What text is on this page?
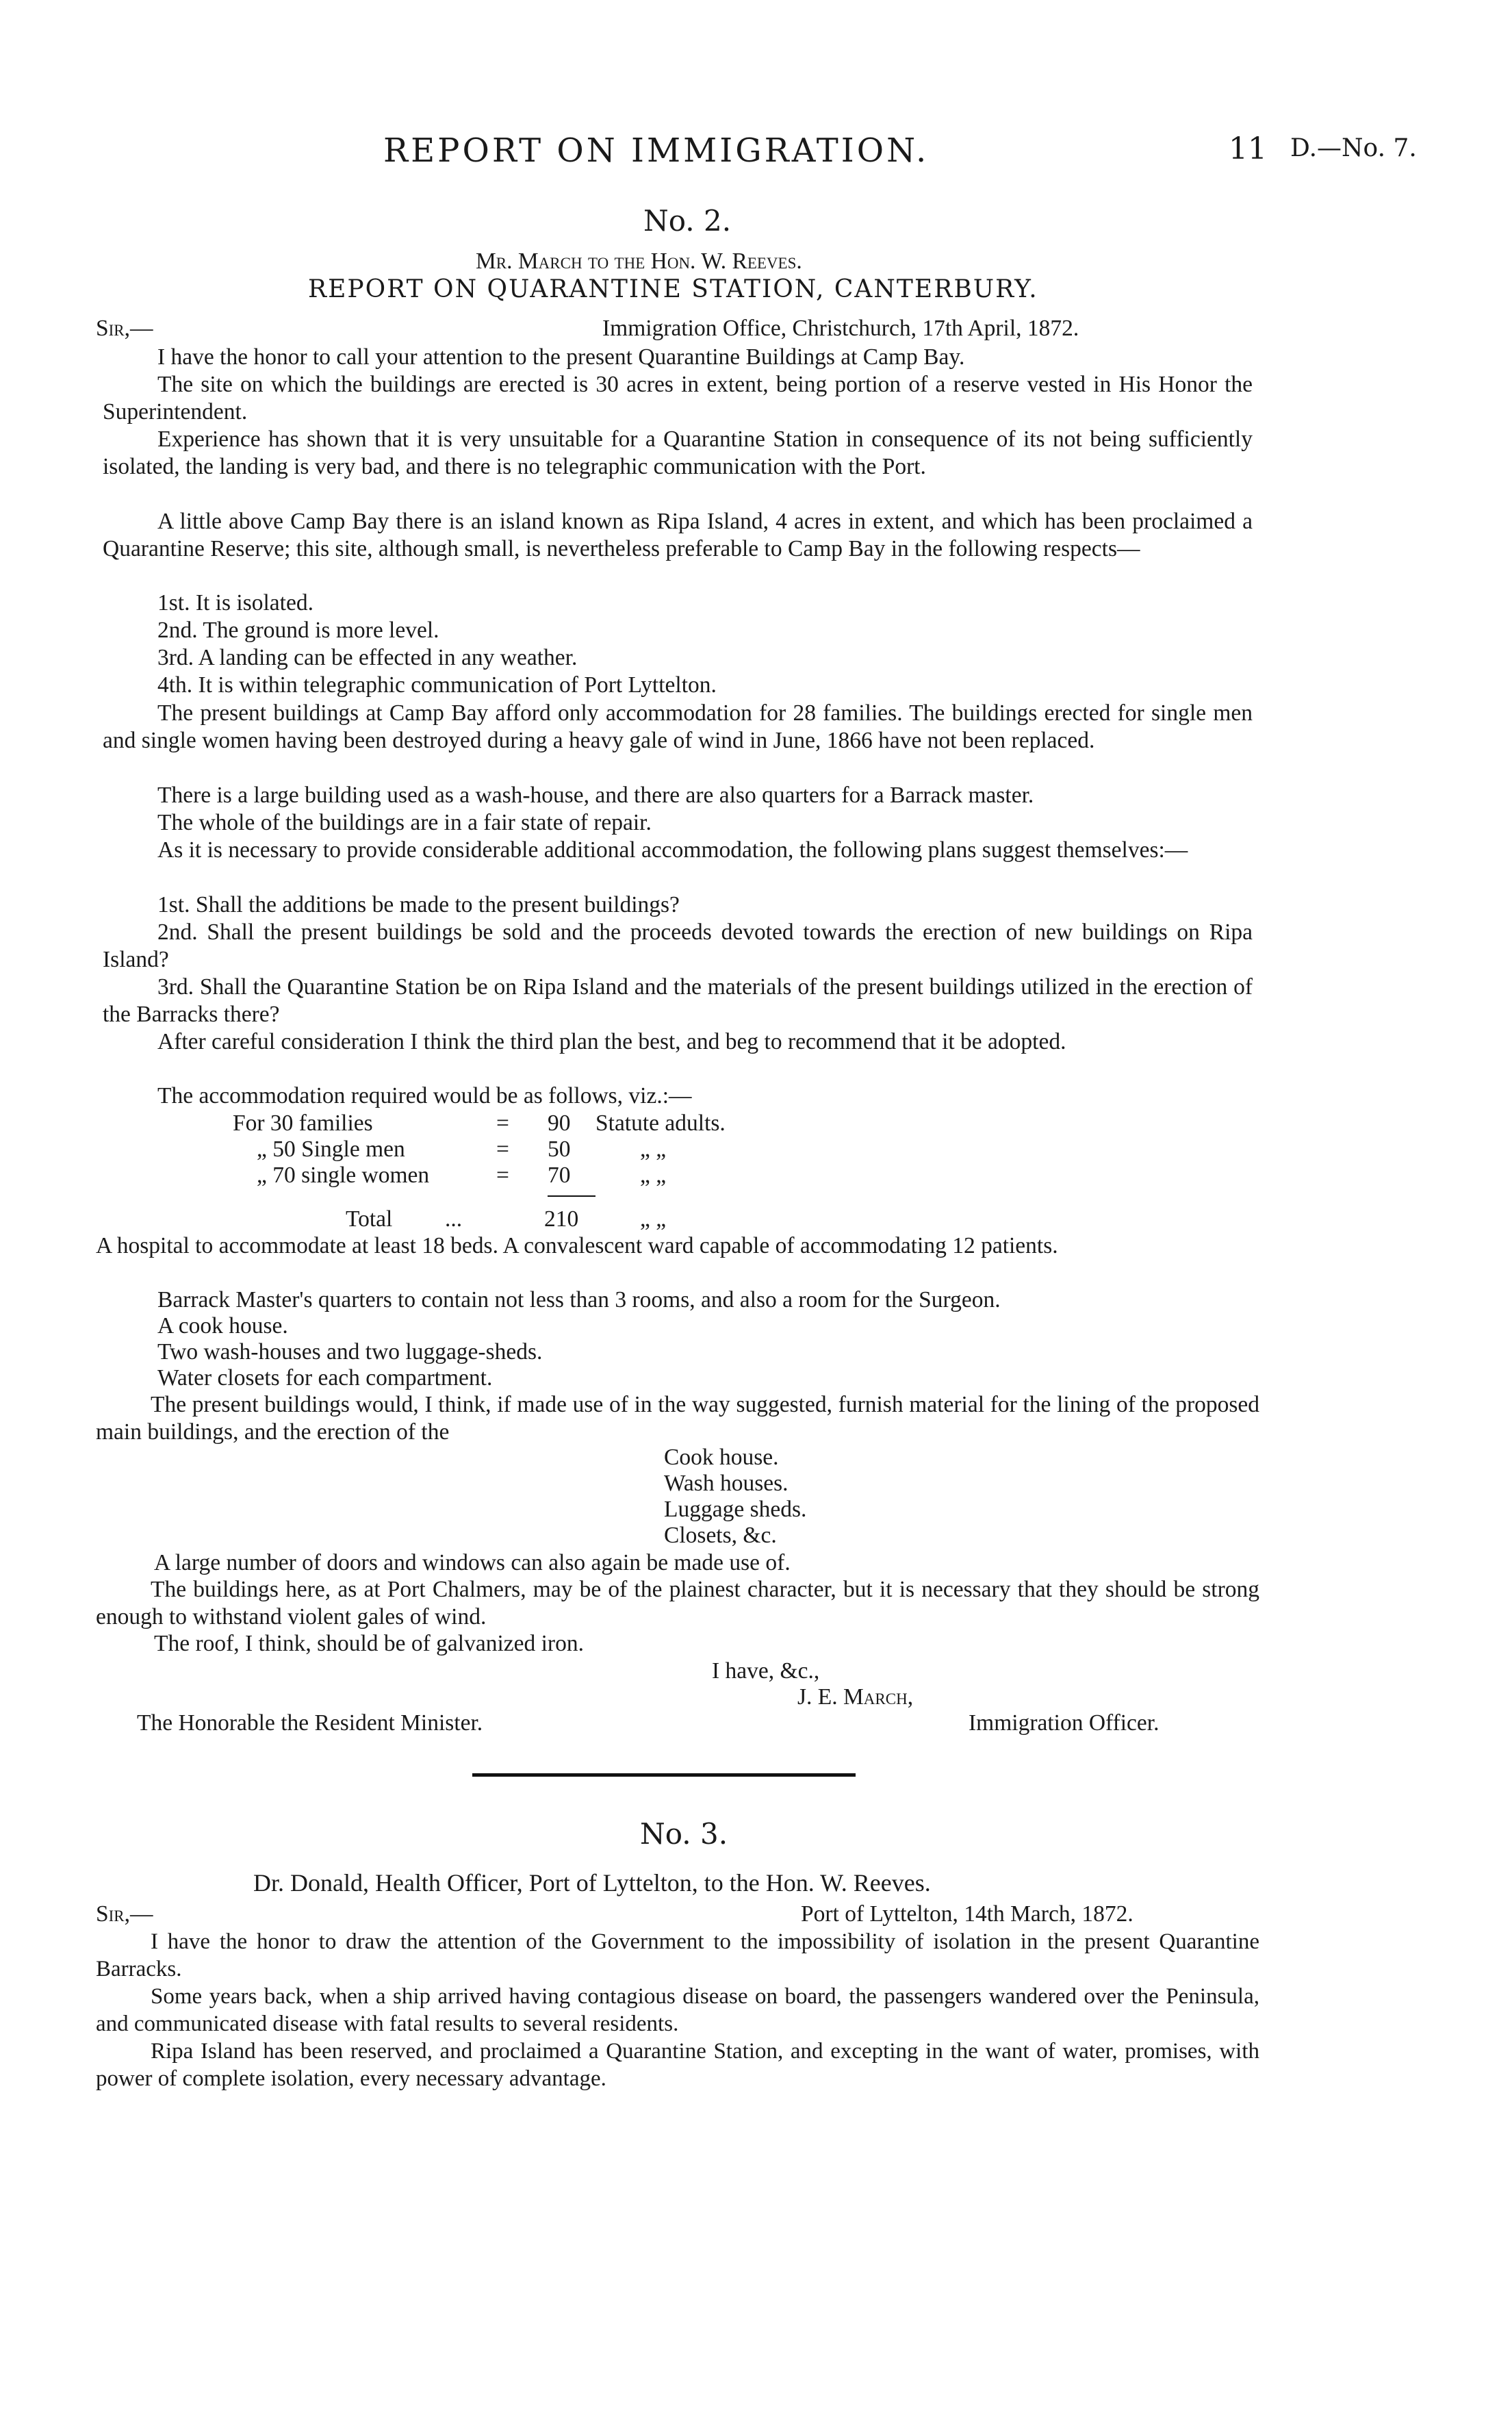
REPORT ON IMMIGRATION.	11 D.—No. 7.
No. 2.
Mr. March to the Hon. W. Reeves.
REPORT ON QUARANTINE STATION, CANTERBURY.
Sir,—	Immigration Office, Christchurch, 17th April, 1872.
I have the honor to call your attention to the present Quarantine Buildings at Camp Bay.
The site on which the buildings are erected is 30 acres in extent, being portion of a reserve vested in His Honor the Superintendent.
Experience has shown that it is very unsuitable for a Quarantine Station in consequence of its not being sufficiently isolated, the landing is very bad, and there is no telegraphic communication with the Port.
A little above Camp Bay there is an island known as Ripa Island, 4 acres in extent, and which has been proclaimed a Quarantine Reserve; this site, although small, is nevertheless preferable to Camp Bay in the following respects—
1st. It is isolated.
2nd. The ground is more level.
3rd. A landing can be effected in any weather.
4th. It is within telegraphic communication of Port Lyttelton.
The present buildings at Camp Bay afford only accommodation for 28 families. The buildings erected for single men and single women having been destroyed during a heavy gale of wind in June, 1866 have not been replaced.
There is a large building used as a wash-house, and there are also quarters for a Barrack master.
The whole of the buildings are in a fair state of repair.
As it is necessary to provide considerable additional accommodation, the following plans suggest themselves:—
1st. Shall the additions be made to the present buildings?
2nd. Shall the present buildings be sold and the proceeds devoted towards the erection of new buildings on Ripa Island?
3rd. Shall the Quarantine Station be on Ripa Island and the materials of the present buildings utilized in the erection of the Barracks there?
After careful consideration I think the third plan the best, and beg to recommend that it be adopted.
The accommodation required would be as follows, viz.:—
For 30 families	= 90 Statute adults.
„ 50 Single men	= 50	„ „
„ 70 single women	= 70	„ „
Total ...	210	„ „
A hospital to accommodate at least 18 beds. A convalescent ward capable of accommodating 12 patients.
Barrack Master's quarters to contain not less than 3 rooms, and also a room for the Surgeon.
A cook house.
Two wash-houses and two luggage-sheds.
Water closets for each compartment.
The present buildings would, I think, if made use of in the way suggested, furnish material for the lining of the proposed main buildings, and the erection of the
Cook house.
Wash houses.
Luggage sheds.
Closets, &c.
A large number of doors and windows can also again be made use of.
The buildings here, as at Port Chalmers, may be of the plainest character, but it is necessary that they should be strong enough to withstand violent gales of wind.
The roof, I think, should be of galvanized iron.
I have, &c.,
J. E. March,
The Honorable the Resident Minister.	Immigration Officer.
No. 3.
Dr. Donald, Health Officer, Port of Lyttelton, to the Hon. W. Reeves.
Sir,—	Port of Lyttelton, 14th March, 1872.
I have the honor to draw the attention of the Government to the impossibility of isolation in the present Quarantine Barracks.
Some years back, when a ship arrived having contagious disease on board, the passengers wandered over the Peninsula, and communicated disease with fatal results to several residents.
Ripa Island has been reserved, and proclaimed a Quarantine Station, and excepting in the want of water, promises, with power of complete isolation, every necessary advantage.
